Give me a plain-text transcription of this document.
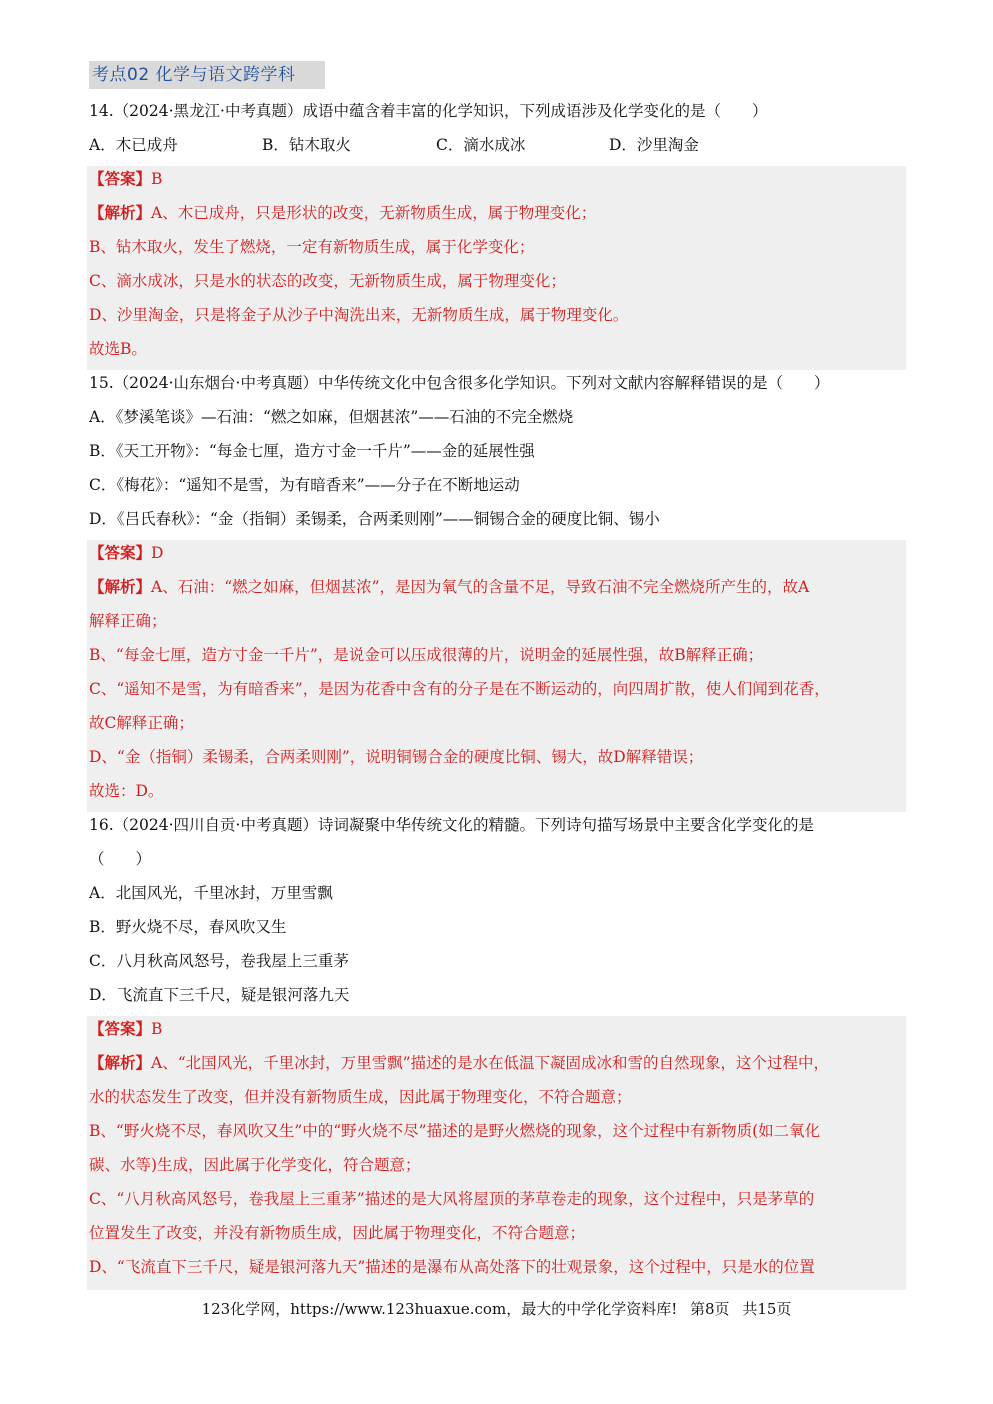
考点02 化学与语文跨学科
14.（2024·黑龙江·中考真题）成语中蕴含着丰富的化学知识，下列成语涉及化学变化的是（　　）
A．木已成舟	B．钻木取火	C．滴水成冰	D．沙里淘金
【答案】B
【解析】A、木已成舟，只是形状的改变，无新物质生成，属于物理变化；
B、钻木取火，发生了燃烧，一定有新物质生成，属于化学变化；
C、滴水成冰，只是水的状态的改变，无新物质生成，属于物理变化；
D、沙里淘金，只是将金子从沙子中淘洗出来，无新物质生成，属于物理变化。
故选B。
15.（2024·山东烟台·中考真题）中华传统文化中包含很多化学知识。下列对文献内容解释错误的是（　　）
A．《梦溪笔谈》—石油：“燃之如麻，但烟甚浓”——石油的不完全燃烧
B．《天工开物》：“每金七厘，造方寸金一千片”——金的延展性强
C．《梅花》：“遥知不是雪，为有暗香来”——分子在不断地运动
D．《吕氏春秋》：“金（指铜）柔锡柔，合两柔则刚”——铜锡合金的硬度比铜、锡小
【答案】D
【解析】A、石油：“燃之如麻，但烟甚浓”，是因为氧气的含量不足，导致石油不完全燃烧所产生的，故A
解释正确；
B、“每金七厘，造方寸金一千片”，是说金可以压成很薄的片，说明金的延展性强，故B解释正确；
C、“遥知不是雪，为有暗香来”，是因为花香中含有的分子是在不断运动的，向四周扩散，使人们闻到花香，
故C解释正确；
D、“金（指铜）柔锡柔，合两柔则刚”，说明铜锡合金的硬度比铜、锡大，故D解释错误；
故选：D。
16.（2024·四川自贡·中考真题）诗词凝聚中华传统文化的精髓。下列诗句描写场景中主要含化学变化的是
（　　）
A．北国风光，千里冰封，万里雪飘
B．野火烧不尽，春风吹又生
C．八月秋高风怒号，卷我屋上三重茅
D．飞流直下三千尺，疑是银河落九天
【答案】B
【解析】A、“北国风光，千里冰封，万里雪飘”描述的是水在低温下凝固成冰和雪的自然现象，这个过程中，
水的状态发生了改变，但并没有新物质生成，因此属于物理变化，不符合题意；
B、“野火烧不尽，春风吹又生”中的“野火烧不尽”描述的是野火燃烧的现象，这个过程中有新物质(如二氧化
碳、水等)生成，因此属于化学变化，符合题意；
C、“八月秋高风怒号，卷我屋上三重茅”描述的是大风将屋顶的茅草卷走的现象，这个过程中，只是茅草的
位置发生了改变，并没有新物质生成，因此属于物理变化，不符合题意；
D、“飞流直下三千尺，疑是银河落九天”描述的是瀑布从高处落下的壮观景象，这个过程中，只是水的位置
123化学网，https://www.123huaxue.com，最大的中学化学资料库! 第8页 共15页
